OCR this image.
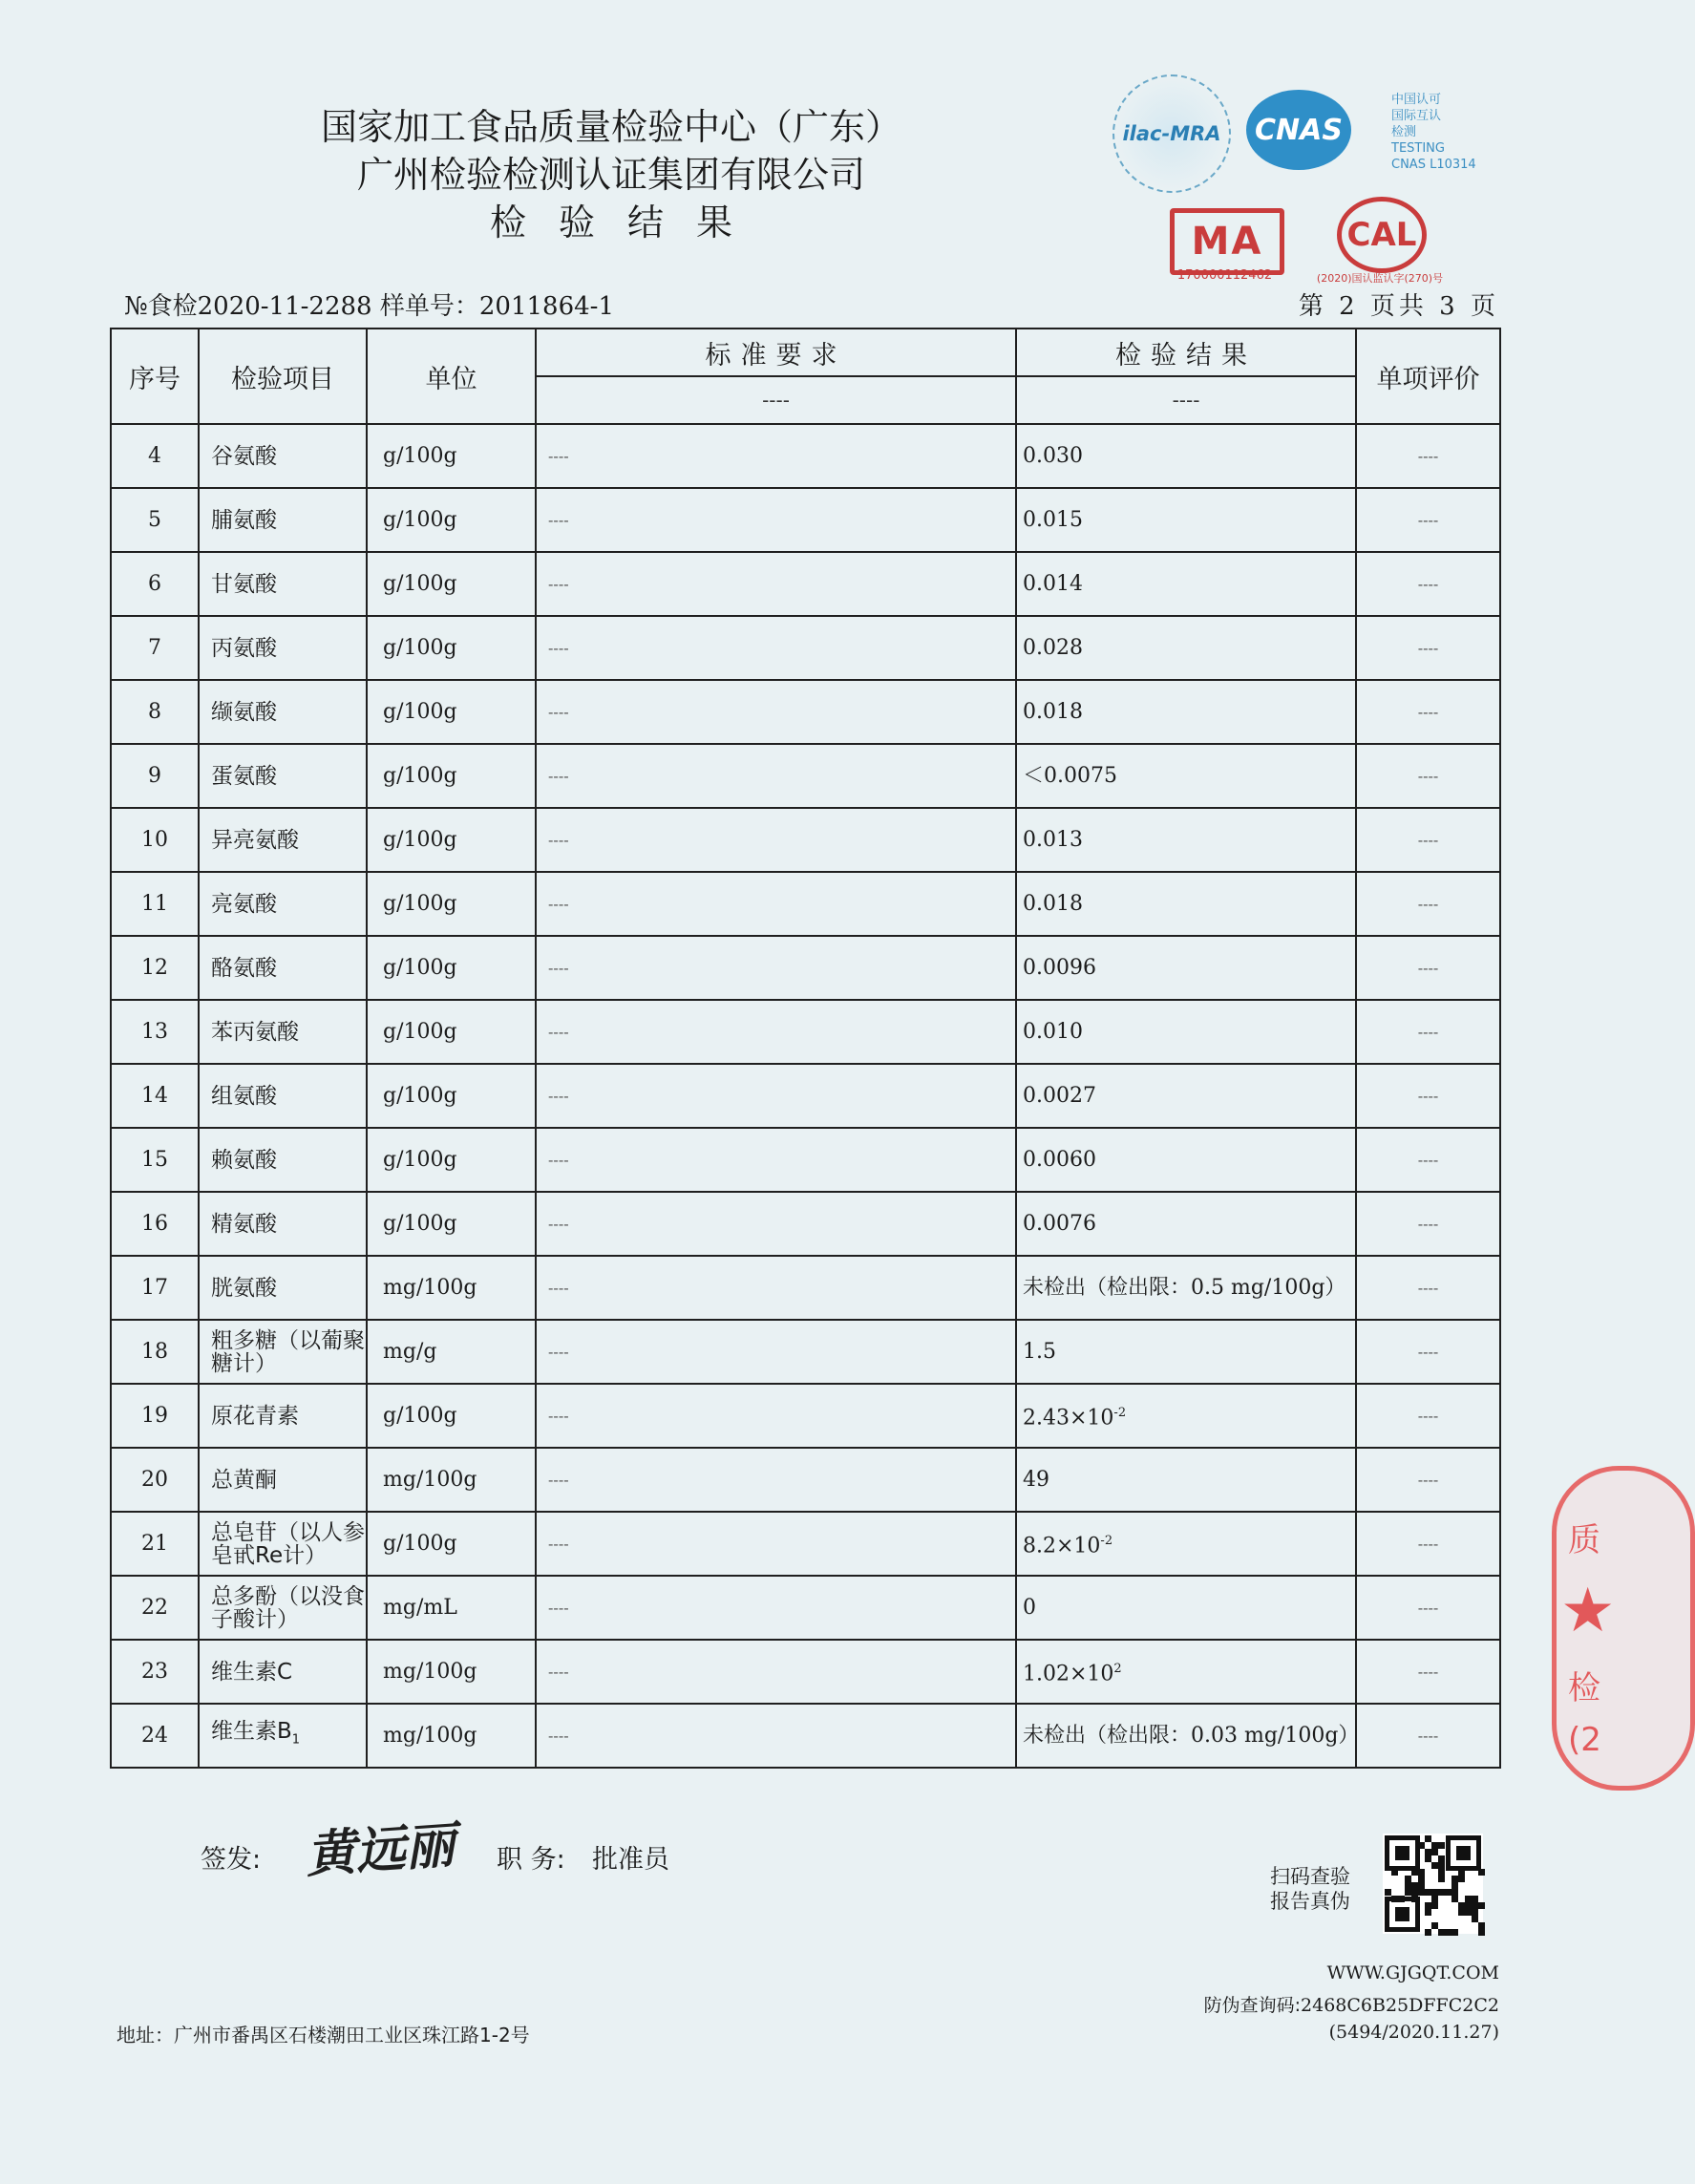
国家加工食品质量检验中心（广东）
广州检验检测认证集团有限公司
检验结果
ilac-MRA CNAS
中国认可
国际互认
检测
TESTING
CNAS L10314
MA
170000112462
CAL
(2020)国认监认字(270)号
№食检2020-11-2288 样单号：2011864-1	第 2 页共 3 页
序号	检验项目	单位	标准要求	检验结果	单项评价
			----	----	
4	谷氨酸	g/100g	----	0.030	----
5	脯氨酸	g/100g	----	0.015	----
6	甘氨酸	g/100g	----	0.014	----
7	丙氨酸	g/100g	----	0.028	----
8	缬氨酸	g/100g	----	0.018	----
9	蛋氨酸	g/100g	----	＜0.0075	----
10	异亮氨酸	g/100g	----	0.013	----
11	亮氨酸	g/100g	----	0.018	----
12	酪氨酸	g/100g	----	0.0096	----
13	苯丙氨酸	g/100g	----	0.010	----
14	组氨酸	g/100g	----	0.0027	----
15	赖氨酸	g/100g	----	0.0060	----
16	精氨酸	g/100g	----	0.0076	----
17	胱氨酸	mg/100g	----	未检出（检出限：0.5 mg/100g）	----
18	粗多糖（以葡聚糖计）	mg/g	----	1.5	----
19	原花青素	g/100g	----	$2.43\times 10^{-2}$	----
20	总黄酮	mg/100g	----	49	----
21	总皂苷（以人参皂甙Re计）	g/100g	----	$8.2\times 10^{-2}$	----
22	总多酚（以没食子酸计）	mg/mL	----	0	----
23	维生素C	mg/100g	----	$1.02\times 10^2$	----
24	维生素$B_1$	mg/100g	----	未检出（检出限：0.03 mg/100g）	----
黄远丽
签发:	职 务: 批准员
扫码查验
报告真伪
WWW.GJGQT.COM
防伪查询码:2468C6B25DFFC2C2
(5494/2020.11.27)
地址：广州市番禺区石楼潮田工业区珠江路1-2号
质
★
检
(2
